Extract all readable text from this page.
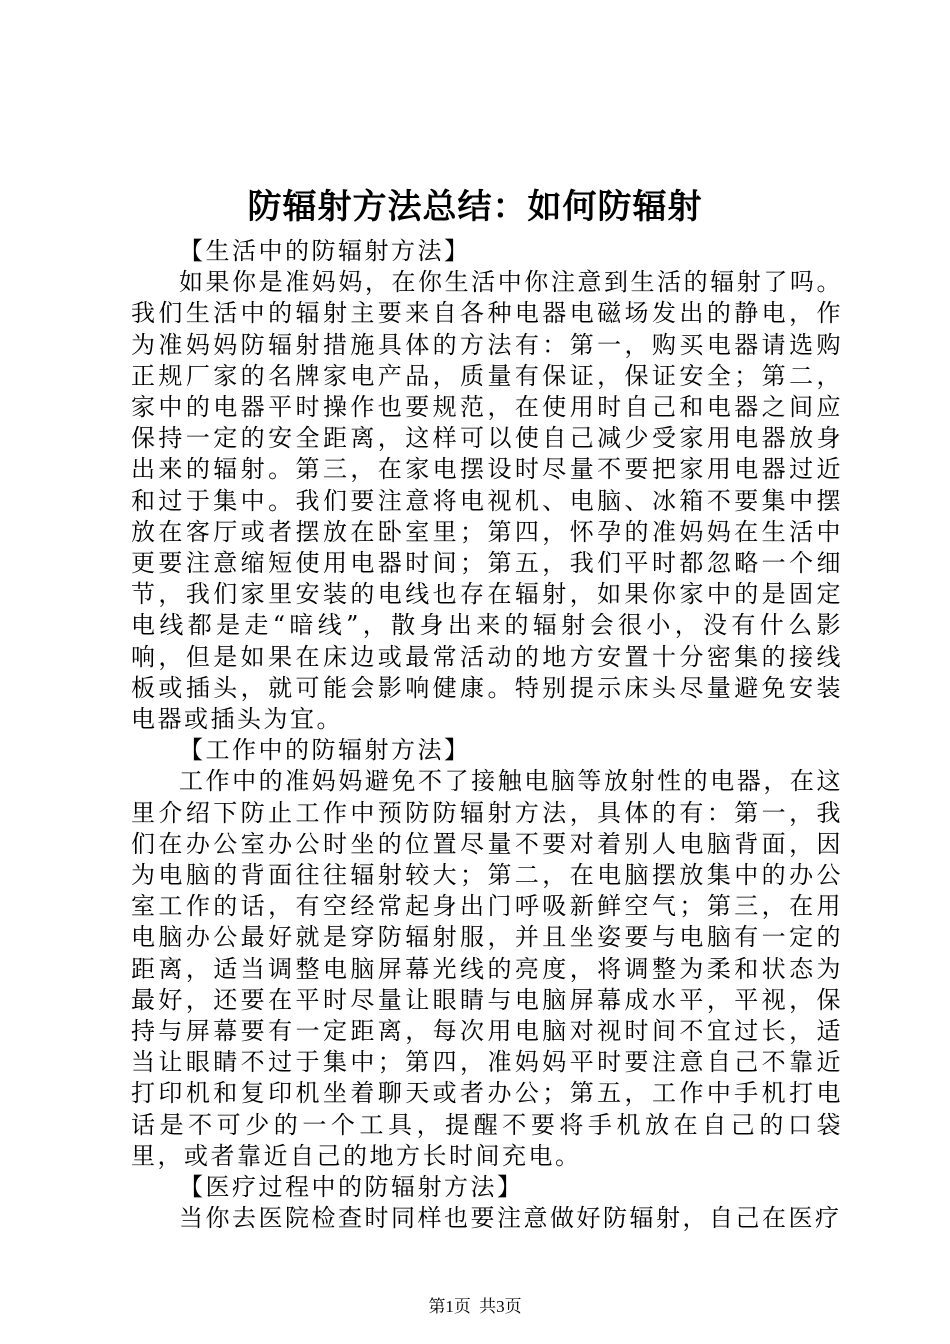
防辐射方法总结：如何防辐射

【生活中的防辐射方法】

如果你是准妈妈，在你生活中你注意到生活的辐射了吗。我们生活中的辐射主要来自各种电器电磁场发出的静电，作为准妈妈防辐射措施具体的方法有：第一，购买电器请选购正规厂家的名牌家电产品，质量有保证，保证安全；第二，家中的电器平时操作也要规范，在使用时自己和电器之间应保持一定的安全距离，这样可以使自己减少受家用电器放身出来的辐射。第三，在家电摆设时尽量不要把家用电器过近和过于集中。我们要注意将电视机、电脑、冰箱不要集中摆放在客厅或者摆放在卧室里；第四，怀孕的准妈妈在生活中更要注意缩短使用电器时间；第五，我们平时都忽略一个细节，我们家里安装的电线也存在辐射，如果你家中的是固定电线都是走“暗线”，散身出来的辐射会很小，没有什么影响，但是如果在床边或最常活动的地方安置十分密集的接线板或插头，就可能会影响健康。特别提示床头尽量避免安装电器或插头为宜。

【工作中的防辐射方法】

工作中的准妈妈避免不了接触电脑等放射性的电器，在这里介绍下防止工作中预防防辐射方法，具体的有：第一，我们在办公室办公时坐的位置尽量不要对着别人电脑背面，因为电脑的背面往往辐射较大；第二，在电脑摆放集中的办公室工作的话，有空经常起身出门呼吸新鲜空气；第三，在用电脑办公最好就是穿防辐射服，并且坐姿要与电脑有一定的距离，适当调整电脑屏幕光线的亮度，将调整为柔和状态为最好，还要在平时尽量让眼睛与电脑屏幕成水平，平视，保持与屏幕要有一定距离，每次用电脑对视时间不宜过长，适当让眼睛不过于集中；第四，准妈妈平时要注意自己不靠近打印机和复印机坐着聊天或者办公；第五，工作中手机打电话是不可少的一个工具，提醒不要将手机放在自己的口袋里，或者靠近自己的地方长时间充电。

【医疗过程中的防辐射方法】

当你去医院检查时同样也要注意做好防辐射，自己在医疗

第1页 共3页
